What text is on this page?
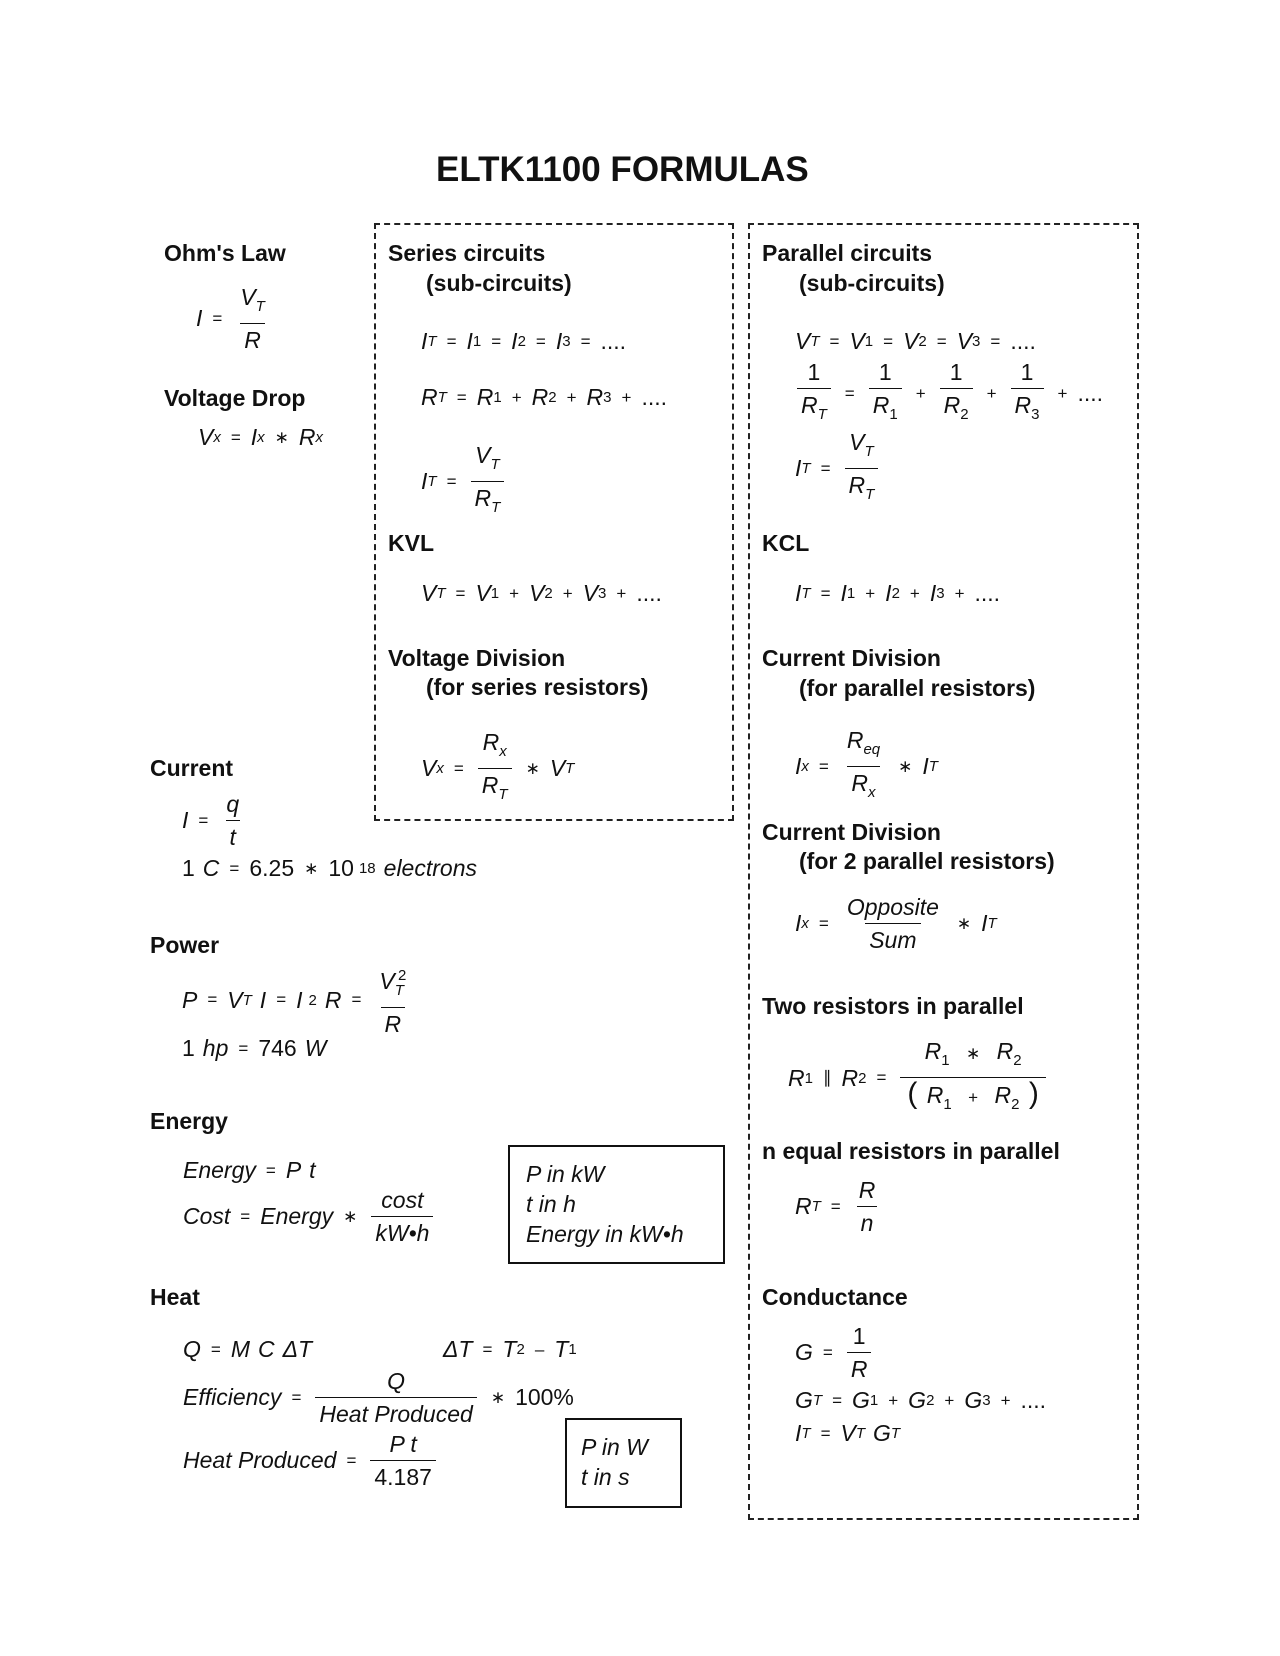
ELTK1100 FORMULAS
P in kW
t in h
Energy in kW•h
P in W
t in s
Ohm's Law
$I = \frac{V_T}{R}$
Voltage Drop
V x = I x ∗ R x
Current
$I = \frac{q}{t}$
1 C = 6.25 ∗ 10 18 electrons
Power
P = V T I = I 2 $R = \frac{V_T^2}{R}$
1 hp = 746 W
Energy
Energy = P t
Cost = Energy ∗ $\frac{\cos t}{kW•h}$
Heat
Q = M C ΔT	ΔT = T 2 – T 1
Efficiency = $\frac{Q}{\text{Heat Produced}}$ ∗ 100%
Heat Produced = $\frac{\text{P t}}{4.187}$
Series circuits
(sub-circuits)
I T = I 1 = I 2 = I 3 = ....
R T = R 1 + R 2 + R 3 + ....
I $T = \frac{V_T}{R_T}$
KVL
V T = V 1 + V 2 + V 3 + ....
Voltage Division
(for series resistors)
V $x = \frac{R_x}{R_T}$ ∗ V T
Parallel circuits
(sub-circuits)
V T = V 1 = V 2 = V 3 = ....
$\frac{1}{R_T} = \frac{1}{R_1} + \frac{1}{R_2} + \frac{1}{R_3}$ + ....
I $T = \frac{V_T}{R_T}$
KCL
I T = I 1 + I 2 + I 3 + ....
Current Division
(for parallel resistors)
I $x = \frac{R_{eq}}{R_x}$ ∗ I T
Current Division
(for 2 parallel resistors)
I $x = \frac{\text{Opposite}}{\text{Sum}}$ ∗ I T
Two resistors in parallel
R 1 ∥ R $2 = \frac{R_1 ∗ R_2}{( R_1 + R_2 )}$
n equal resistors in parallel
R $T = \frac{R}{n}$
Conductance
$G = \frac{1}{R}$
G T = G 1 + G 2 + G 3 + ....
I T = V T G T
